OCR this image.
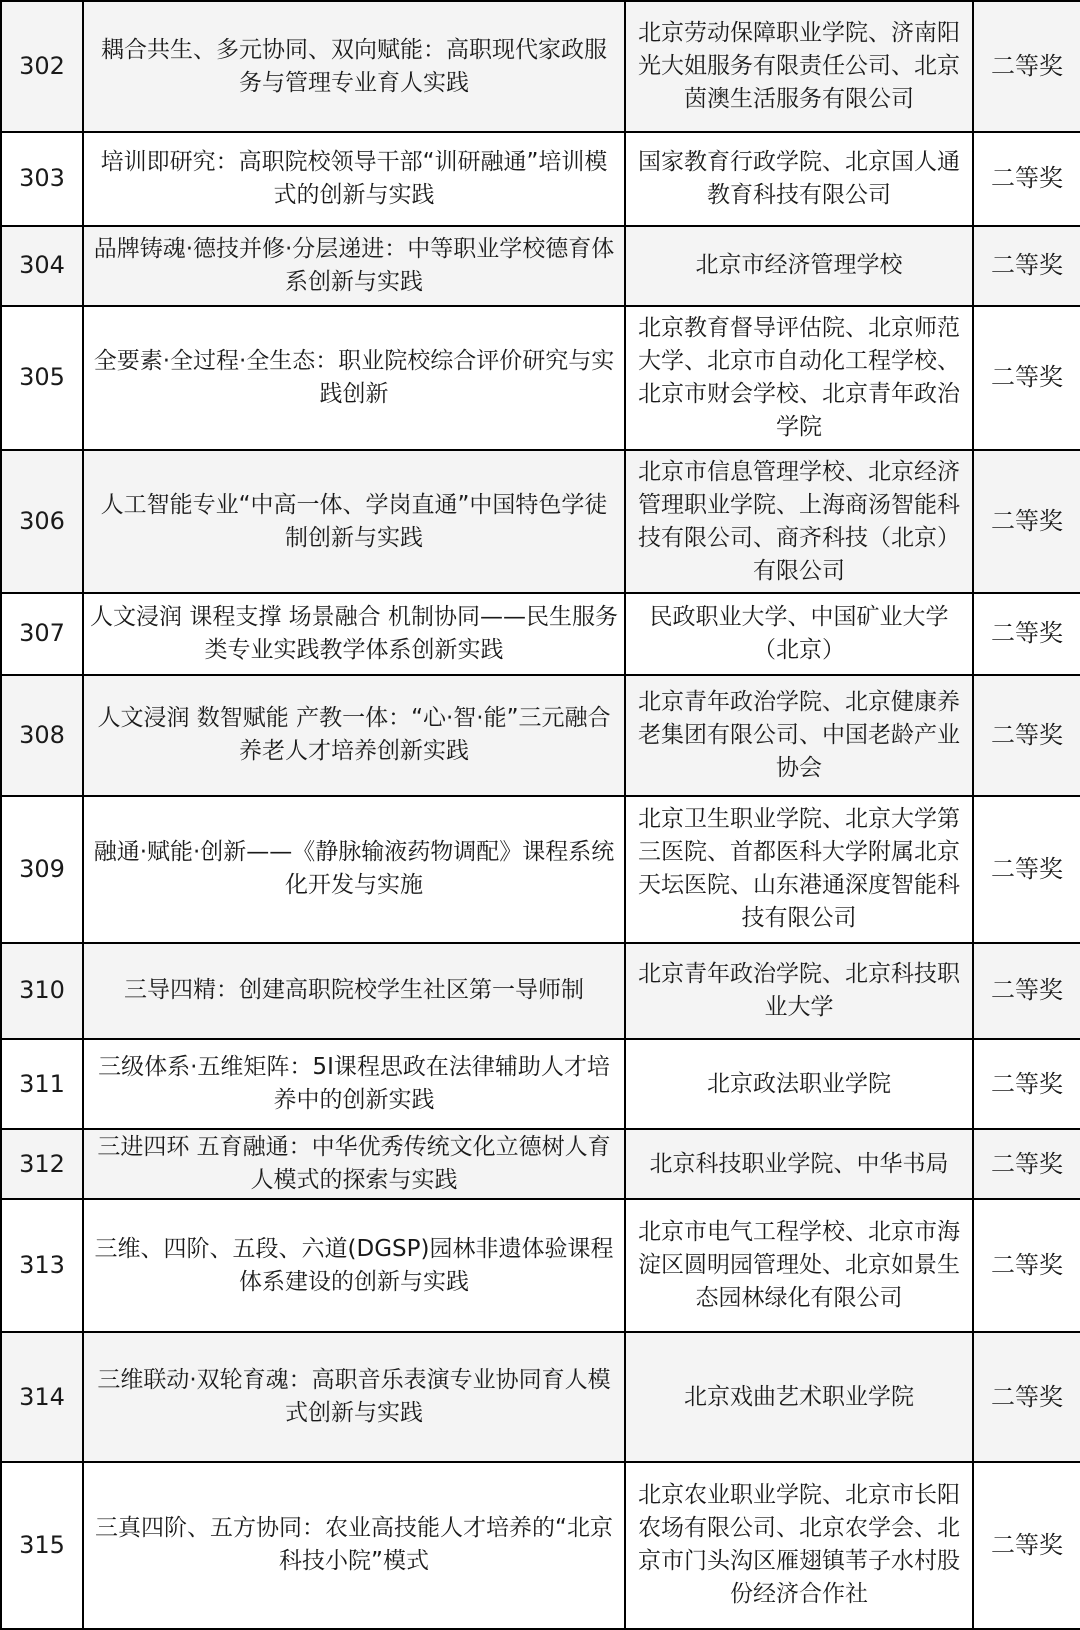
302	耦合共生、多元协同、双向赋能：高职现代家政服务与管理专业育人实践	北京劳动保障职业学院、济南阳光大姐服务有限责任公司、北京茵澳生活服务有限公司	二等奖
303	培训即研究：高职院校领导干部“训研融通”培训模式的创新与实践	国家教育行政学院、北京国人通教育科技有限公司	二等奖
304	品牌铸魂·德技并修·分层递进：中等职业学校德育体系创新与实践	北京市经济管理学校	二等奖
305	全要素·全过程·全生态：职业院校综合评价研究与实践创新	北京教育督导评估院、北京师范大学、北京市自动化工程学校、北京市财会学校、北京青年政治学院	二等奖
306	人工智能专业“中高一体、学岗直通”中国特色学徒制创新与实践	北京市信息管理学校、北京经济管理职业学院、上海商汤智能科技有限公司、商齐科技（北京）有限公司	二等奖
307	人文浸润 课程支撑 场景融合 机制协同——民生服务类专业实践教学体系创新实践	民政职业大学、中国矿业大学（北京）	二等奖
308	人文浸润 数智赋能 产教一体：“心·智·能”三元融合养老人才培养创新实践	北京青年政治学院、北京健康养老集团有限公司、中国老龄产业协会	二等奖
309	融通·赋能·创新——《静脉输液药物调配》课程系统化开发与实施	北京卫生职业学院、北京大学第三医院、首都医科大学附属北京天坛医院、山东港通深度智能科技有限公司	二等奖
310	三导四精：创建高职院校学生社区第一导师制	北京青年政治学院、北京科技职业大学	二等奖
311	三级体系·五维矩阵：5I课程思政在法律辅助人才培养中的创新实践	北京政法职业学院	二等奖
312	三进四环 五育融通：中华优秀传统文化立德树人育人模式的探索与实践	北京科技职业学院、中华书局	二等奖
313	三维、四阶、五段、六道(DGSP)园林非遗体验课程体系建设的创新与实践	北京市电气工程学校、北京市海淀区圆明园管理处、北京如景生态园林绿化有限公司	二等奖
314	三维联动·双轮育魂：高职音乐表演专业协同育人模式创新与实践	北京戏曲艺术职业学院	二等奖
315	三真四阶、五方协同：农业高技能人才培养的“北京科技小院”模式	北京农业职业学院、北京市长阳农场有限公司、北京农学会、北京市门头沟区雁翅镇苇子水村股份经济合作社	二等奖
